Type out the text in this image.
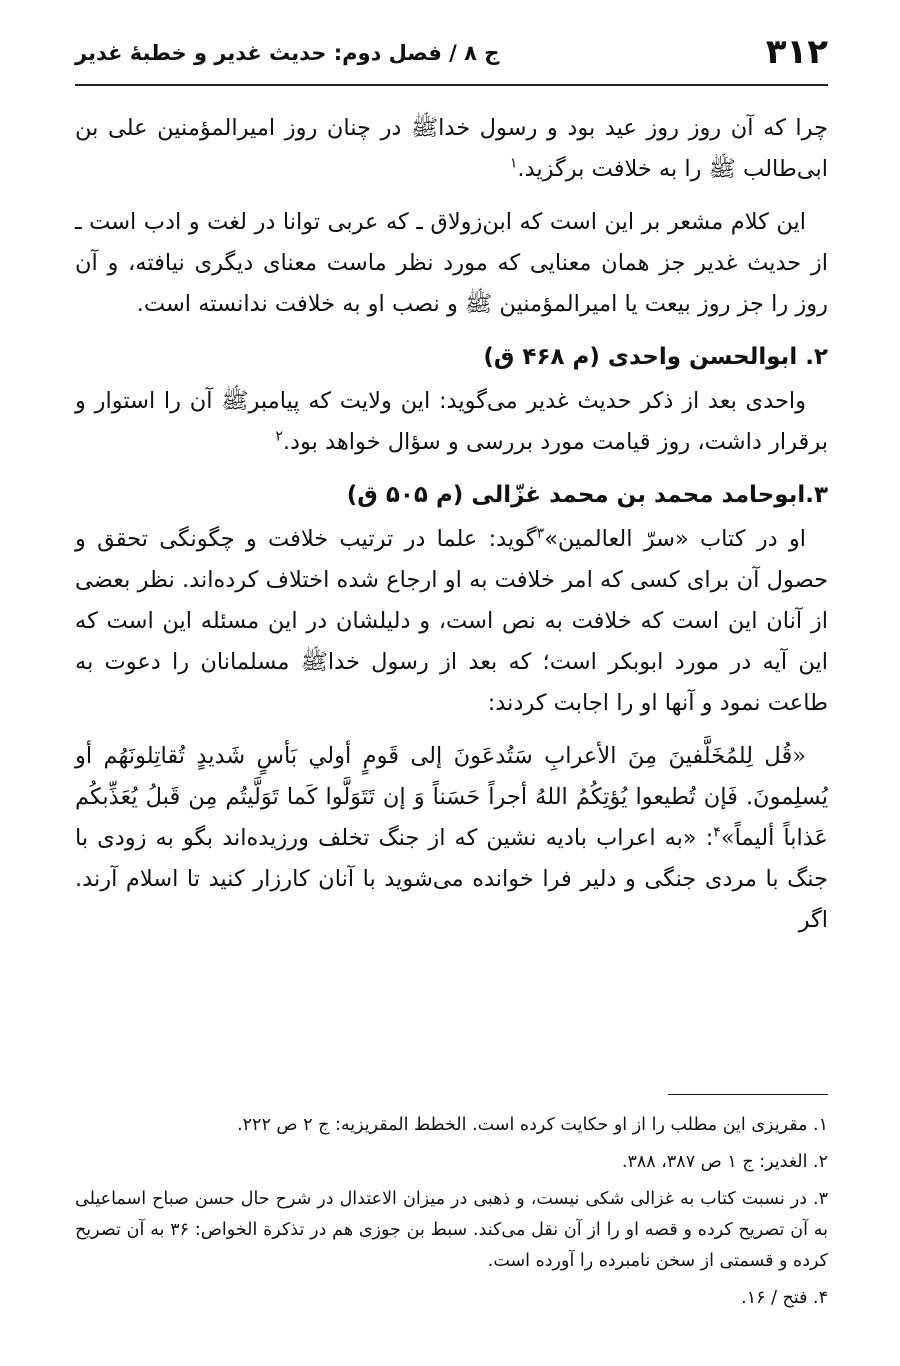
۳۱۲
ج ۸ / فصل دوم: حدیث غدیر و خطبهٔ غدیر

چرا که آن روز روز عید بود و رسول خداﷺ در چنان روز امیرالمؤمنین علی بن ابی‌طالب ﷺ را به خلافت برگزید.$^۱$

این کلام مشعر بر این است که ابن‌زولاق ـ که عربی توانا در لغت و ادب است ـ از حدیث غدیر جز همان معنایی که مورد نظر ماست معنای دیگری نیافته، و آن روز را جز روز بیعت یا امیرالمؤمنین ﷺ و نصب او به خلافت ندانسته است.

۲. ابوالحسن واحدی (م ۴۶۸ ق)

واحدی بعد از ذکر حدیث غدیر می‌گوید: این ولایت که پیامبرﷺ آن را استوار و برقرار داشت، روز قیامت مورد بررسی و سؤال خواهد بود.$^۲$

۳.ابوحامد محمد بن محمد غزّالی (م ۵۰۵ ق)

او در کتاب «سرّ العالمین»$^۳$گوید: علما در ترتیب خلافت و چگونگی تحقق و حصول آن برای کسی که امر خلافت به او ارجاع شده اختلاف کرده‌اند. نظر بعضی از آنان این است که خلافت به نص است، و دلیلشان در این مسئله این است که این آیه در مورد ابوبکر است؛ که بعد از رسول خداﷺ مسلمانان را دعوت به طاعت نمود و آنها او را اجابت کردند:

«قُل لِلمُخَلَّفينَ مِنَ الأعرابِ سَتُدعَونَ إلى قَومٍ أولي بَأسٍ شَديدٍ تُقاتِلونَهُم أو يُسلِمونَ. فَإن تُطيعوا يُؤتِكُمُ اللهُ أجراً حَسَناً وَ إن تَتَوَلَّوا كَما تَوَلَّيتُم مِن قَبلُ يُعَذِّبكُم عَذاباً أليماً»$^۴$: «به اعراب بادیه نشین که از جنگ تخلف ورزیده‌اند بگو به زودی با جنگ با مردی جنگی و دلیر فرا خوانده می‌شوید با آنان کارزار کنید تا اسلام آرند. اگر

۱. مقریزی این مطلب را از او حکایت کرده است. الخطط المقریزیه: ج ۲ ص ۲۲۲.

۲. الغدیر: ج ۱ ص ۳۸۷، ۳۸۸.

۳. در نسبت کتاب به غزالی شکی نیست، و ذهبی در میزان الاعتدال در شرح حال حسن صباح اسماعیلی به آن تصریح کرده و قصه او را از آن نقل می‌کند. سبط بن جوزی هم در تذکرة الخواص: ۳۶ به آن تصریح کرده و قسمتی از سخن نامبرده را آورده است.

۴. فتح / ۱۶.
